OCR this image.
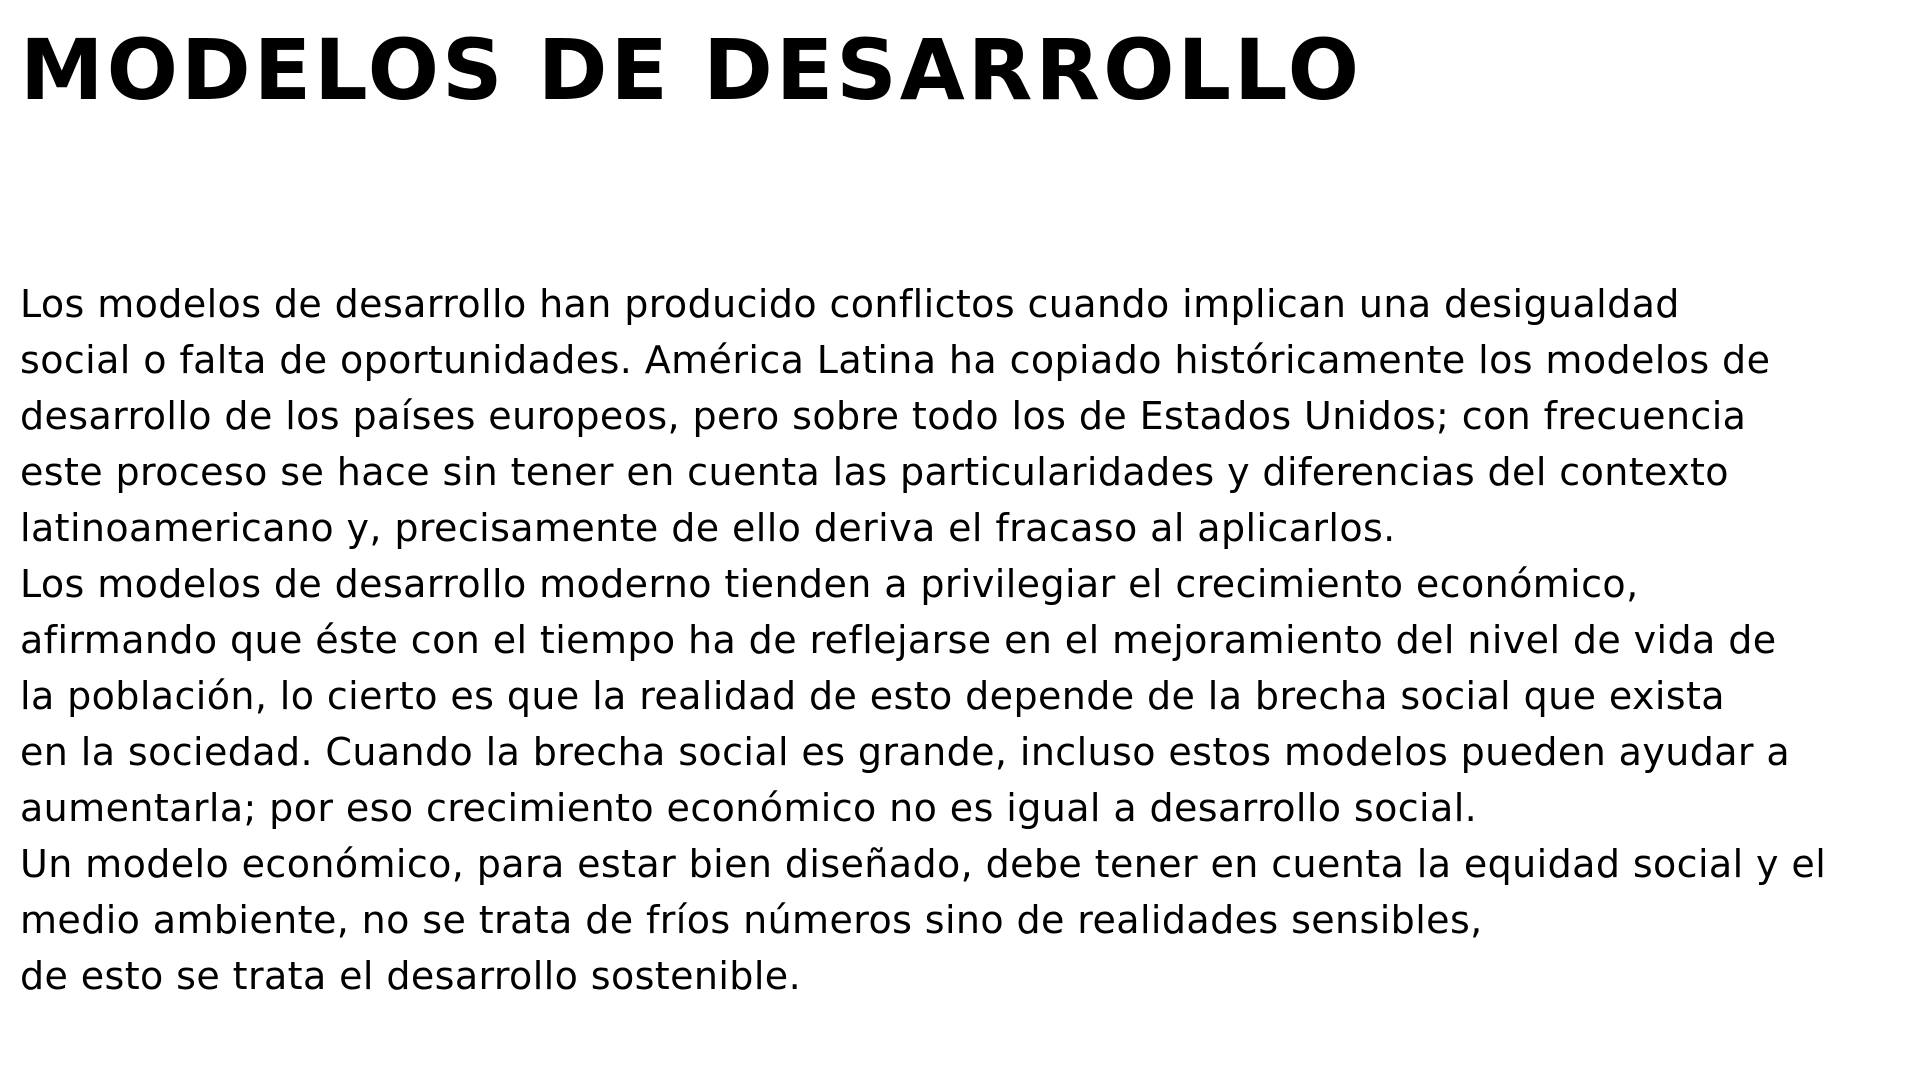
MODELOS DE DESARROLLO
Los modelos de desarrollo han producido conflictos cuando implican una desigualdad
social o falta de oportunidades. América Latina ha copiado históricamente los modelos de
desarrollo de los países europeos, pero sobre todo los de Estados Unidos; con frecuencia
este proceso se hace sin tener en cuenta las particularidades y diferencias del contexto
latinoamericano y, precisamente de ello deriva el fracaso al aplicarlos.
Los modelos de desarrollo moderno tienden a privilegiar el crecimiento económico,
afirmando que éste con el tiempo ha de reflejarse en el mejoramiento del nivel de vida de
la población, lo cierto es que la realidad de esto depende de la brecha social que exista
en la sociedad. Cuando la brecha social es grande, incluso estos modelos pueden ayudar a
aumentarla; por eso crecimiento económico no es igual a desarrollo social.
Un modelo económico, para estar bien diseñado, debe tener en cuenta la equidad social y el
medio ambiente, no se trata de fríos números sino de realidades sensibles,
de esto se trata el desarrollo sostenible.
